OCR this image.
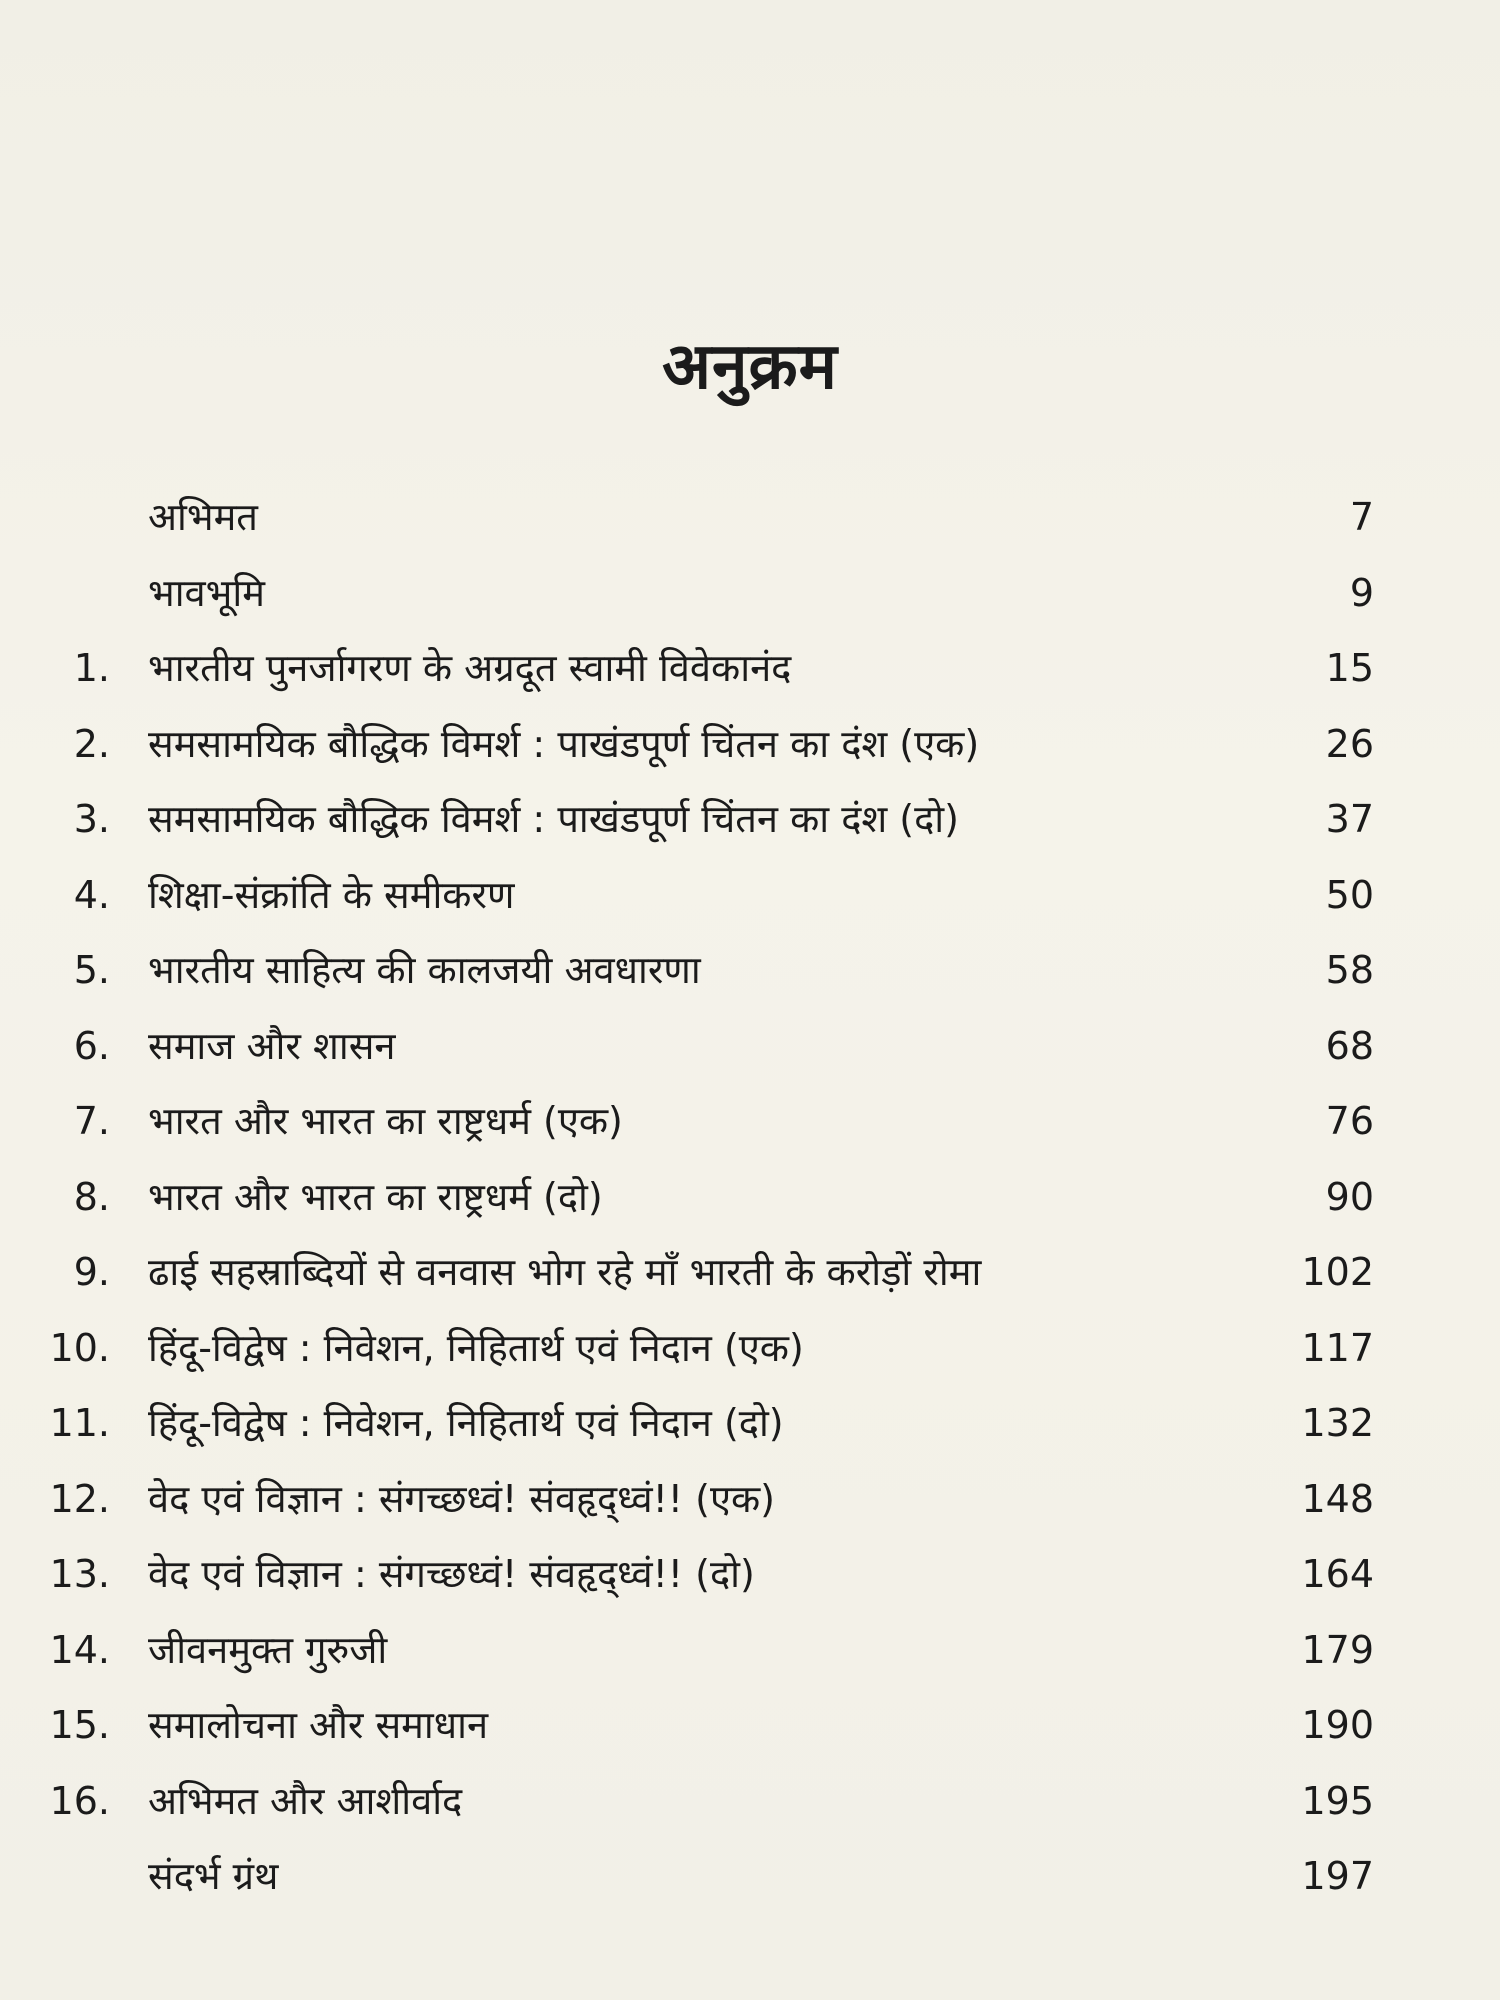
अनुक्रम
अभिमत	7
भावभूमि	9
1. भारतीय पुनर्जागरण के अग्रदूत स्वामी विवेकानंद	15
2. समसामयिक बौद्धिक विमर्श : पाखंडपूर्ण चिंतन का दंश (एक)	26
3. समसामयिक बौद्धिक विमर्श : पाखंडपूर्ण चिंतन का दंश (दो)	37
4. शिक्षा-संक्रांति के समीकरण	50
5. भारतीय साहित्य की कालजयी अवधारणा	58
6. समाज और शासन	68
7. भारत और भारत का राष्ट्रधर्म (एक)	76
8. भारत और भारत का राष्ट्रधर्म (दो)	90
9. ढाई सहस्राब्दियों से वनवास भोग रहे माँ भारती के करोड़ों रोमा	102
10. हिंदू-विद्वेष : निवेशन, निहितार्थ एवं निदान (एक)	117
11. हिंदू-विद्वेष : निवेशन, निहितार्थ एवं निदान (दो)	132
12. वेद एवं विज्ञान : संगच्छध्वं! संवहृद्ध्वं!! (एक)	148
13. वेद एवं विज्ञान : संगच्छध्वं! संवहृद्ध्वं!! (दो)	164
14. जीवनमुक्त गुरुजी	179
15. समालोचना और समाधान	190
16. अभिमत और आशीर्वाद	195
संदर्भ ग्रंथ	197
